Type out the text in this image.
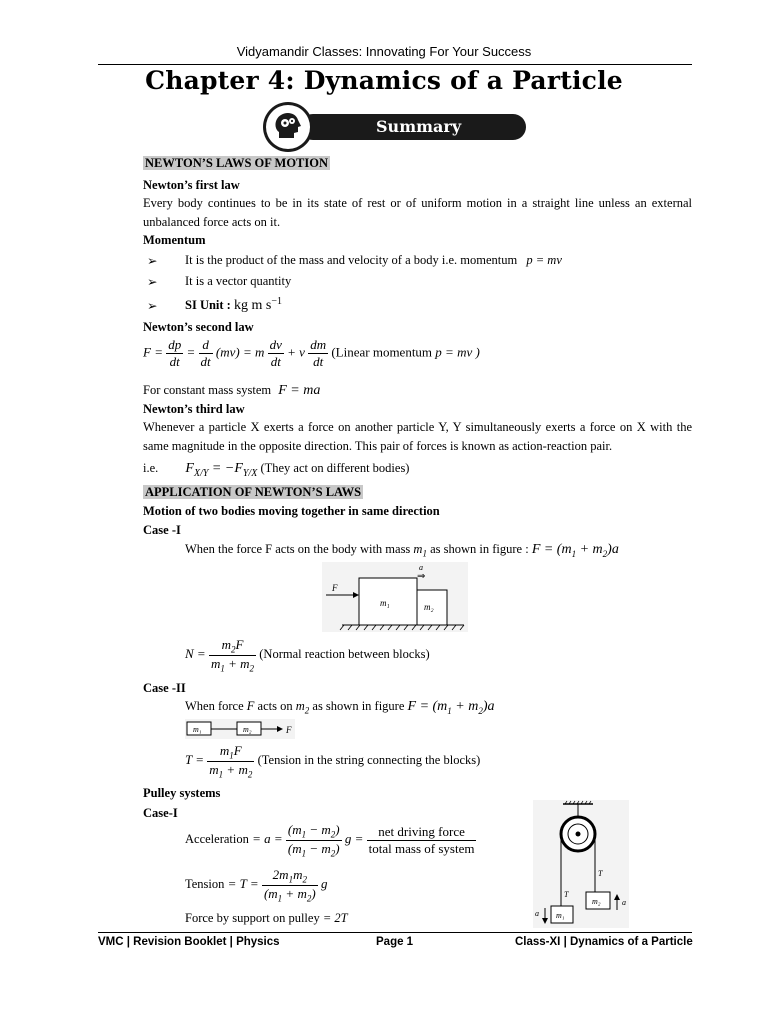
Vidyamandir Classes: Innovating For Your Success
Chapter 4: Dynamics of a Particle
Summary
NEWTON’S LAWS OF MOTION
Newton’s first law
Every body continues to be in its state of rest or of uniform motion in a straight line unless an external unbalanced force acts on it.
Momentum
➢ It is the product of the mass and velocity of a body i.e. momentum p = mv
➢ It is a vector quantity
➢ SI Unit : kg m $s^{-1}$
Newton’s second law
$F = \frac{dp}{dt} = \frac{d}{dt} (mv) = m \frac{dv}{dt} + v \frac{dm}{dt}$ (Linear momentum p = mv )
For constant mass system F = ma
Newton’s third law
Whenever a particle X exerts a force on another particle Y, Y simultaneously exerts a force on X with the same magnitude in the opposite direction. This pair of forces is known as action-reaction pair.
i.e. $F_{X/Y} = -F_{Y/X}$ (They act on different bodies)
APPLICATION OF NEWTON’S LAWS
Motion of two bodies moving together in same direction
Case -I
When the force F acts on the body with mass $m_1$ as shown in figure : $F = (m_1 + m_2)a$
m₁	m₂
F
a
⇒
$N = \frac{m_2F}{m_1 + m_2}$ (Normal reaction between blocks)
Case -II
When force F acts on $m_2$ as shown in figure $F = (m_1 + m_2)a$
m₁	m₂	F
$T = \frac{m_1F}{m_1 + m_2}$ (Tension in the string connecting the blocks)
Pulley systems
Case-I
Acceleration = $a = \frac{(m_1 - m_2)}{(m_1 - m_2)}$ $g = \frac{\text{net driving force}}{\text{total mass of system}}$
Tension = $T = \frac{2m_1m_2}{(m_1 + m_2)}$ g
Force by support on pulley = 2T	m₁
m₂
T
T
a
a
VMC | Revision Booklet | Physics	Page 1	Class-XI | Dynamics of a Particle
